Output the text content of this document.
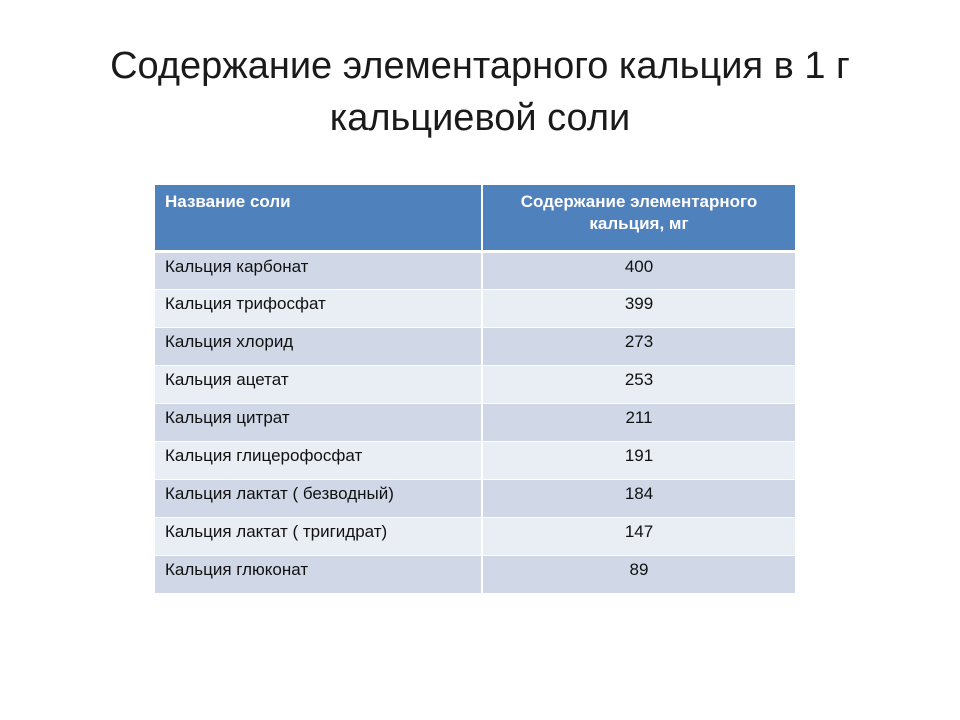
Содержание элементарного кальция в 1 г
кальциевой соли
Название соли	Содержание элементарного кальция, мг
Кальция карбонат	400
Кальция трифосфат	399
Кальция хлорид	273
Кальция ацетат	253
Кальция цитрат	211
Кальция глицерофосфат	191
Кальция лактат ( безводный)	184
Кальция лактат ( тригидрат)	147
Кальция глюконат	89
